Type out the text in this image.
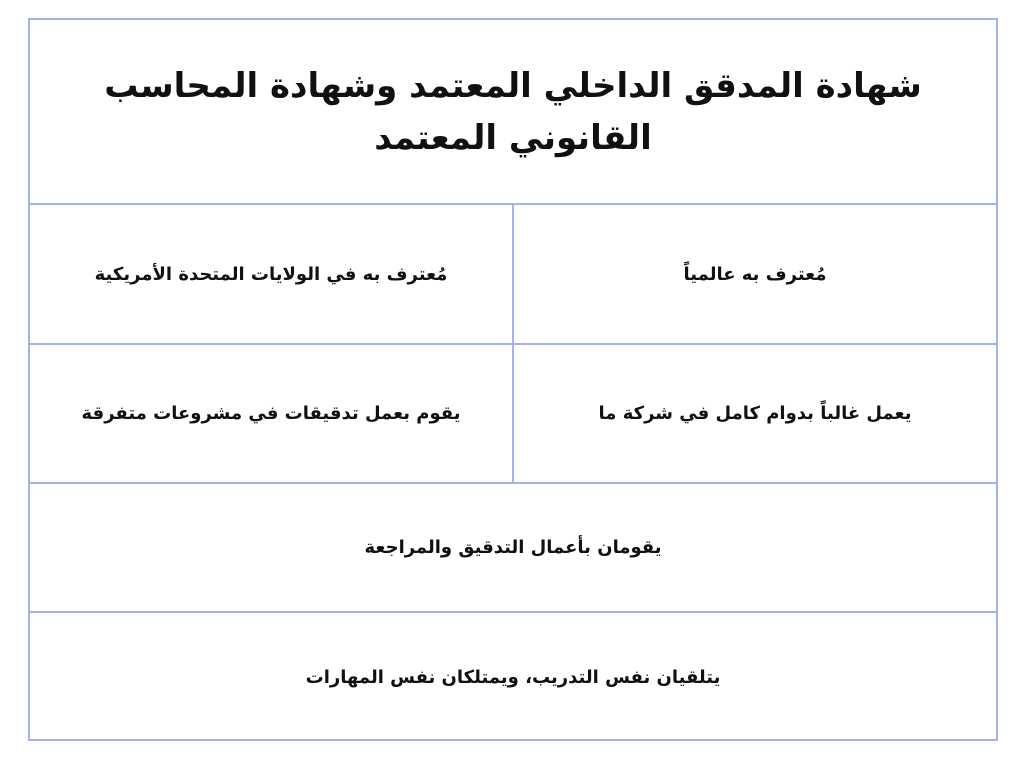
شهادة المدقق الداخلي المعتمد وشهادة المحاسب القانوني المعتمد
مُعترف به عالمياً
مُعترف به في الولايات المتحدة الأمريكية
يعمل غالباً بدوام كامل في شركة ما
يقوم بعمل تدقيقات في مشروعات متفرقة
يقومان بأعمال التدقيق والمراجعة
يتلقيان نفس التدريب، ويمتلكان نفس المهارات
